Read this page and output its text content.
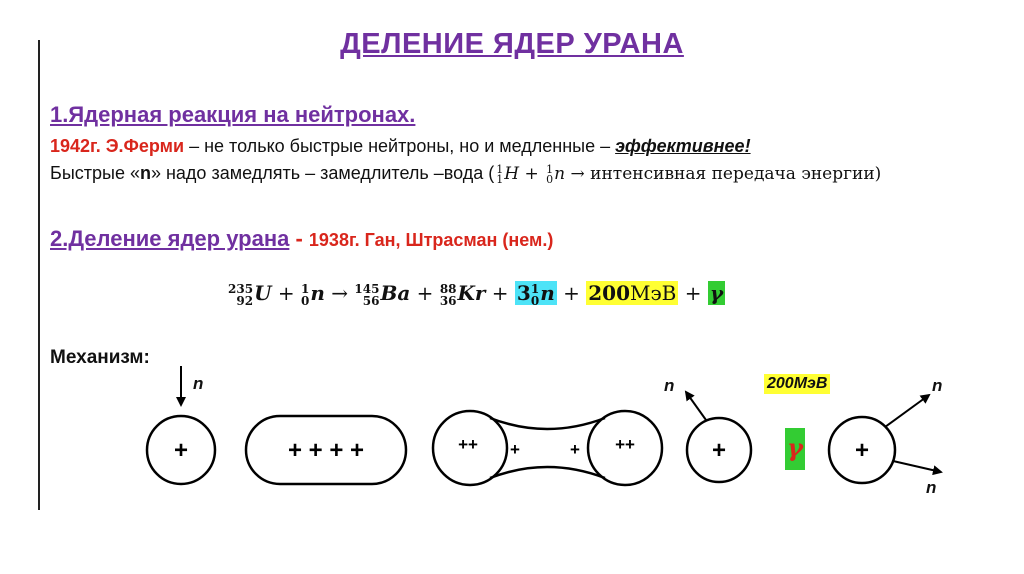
ДЕЛЕНИЕ ЯДЕР УРАНА
1.Ядерная реакция на нейтронах.
1942г. Э.Ферми – не только быстрые нейтроны, но и медленные – эффективнее!
Быстрые «n» надо замедлять – замедлитель –вода ( 1
1H + 1
0n → интенсивная передача энергии)
2.Деление ядер урана - 1938г. Ган, Штрасман (нем.)
235
92U + 1
0n → 145
56Ba + 88
36Kr + 31
0n + 200МэВ + γ
Механизм:
+	+ + + +	++ +	+ ++	+	+
n	n	n
n
200МэВ
γ
